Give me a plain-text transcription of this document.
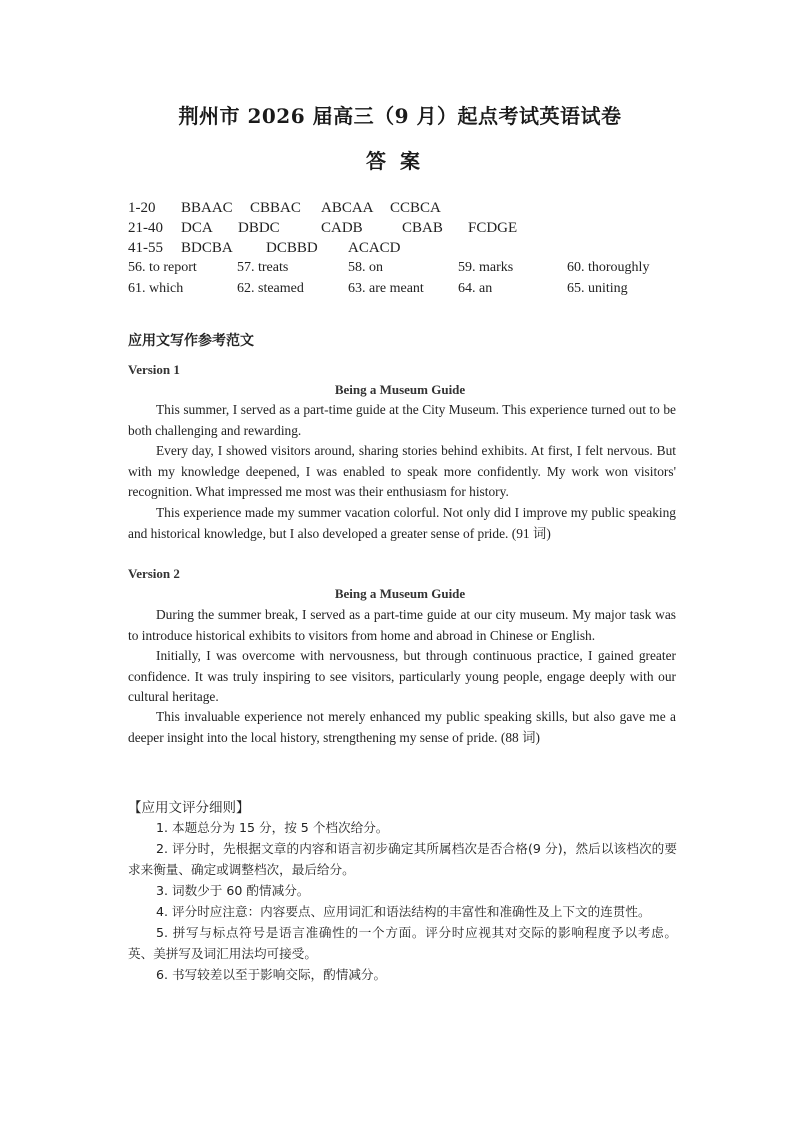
荆州市 2026 届高三（9 月）起点考试英语试卷
答案
1-20 BBAAC CBBAC ABCAA CCBCA
21-40 DCA DBDC	CADB	CBAB FCDGE
41-55 BDCBA DCBBD ACACD
56. to report	57. treats	58. on	59. marks	60. thoroughly
61. which	62. steamed	63. are meant 64. an	65. uniting
应用文写作参考范文
Version 1
Being a Museum Guide

This summer, I served as a part-time guide at the City Museum. This experience turned out to be both challenging and rewarding.

Every day, I showed visitors around, sharing stories behind exhibits. At first, I felt nervous. But with my knowledge deepened, I was enabled to speak more confidently. My work won visitors' recognition. What impressed me most was their enthusiasm for history.

This experience made my summer vacation colorful. Not only did I improve my public speaking and historical knowledge, but I also developed a greater sense of pride. (91 词)

Version 2
Being a Museum Guide

During the summer break, I served as a part-time guide at our city museum. My major task was to introduce historical exhibits to visitors from home and abroad in Chinese or English.

Initially, I was overcome with nervousness, but through continuous practice, I gained greater confidence. It was truly inspiring to see visitors, particularly young people, engage deeply with our cultural heritage.

This invaluable experience not merely enhanced my public speaking skills, but also gave me a deeper insight into the local history, strengthening my sense of pride. (88 词)

【应用文评分细则】

1. 本题总分为 15 分，按 5 个档次给分。

2. 评分时，先根据文章的内容和语言初步确定其所属档次是否合格(9 分)，然后以该档次的要求来衡量、确定或调整档次，最后给分。

3. 词数少于 60 酌情减分。

4. 评分时应注意：内容要点、应用词汇和语法结构的丰富性和准确性及上下文的连贯性。

5. 拼写与标点符号是语言准确性的一个方面。评分时应视其对交际的影响程度予以考虑。 英、美拼写及词汇用法均可接受。

6. 书写较差以至于影响交际，酌情减分。
